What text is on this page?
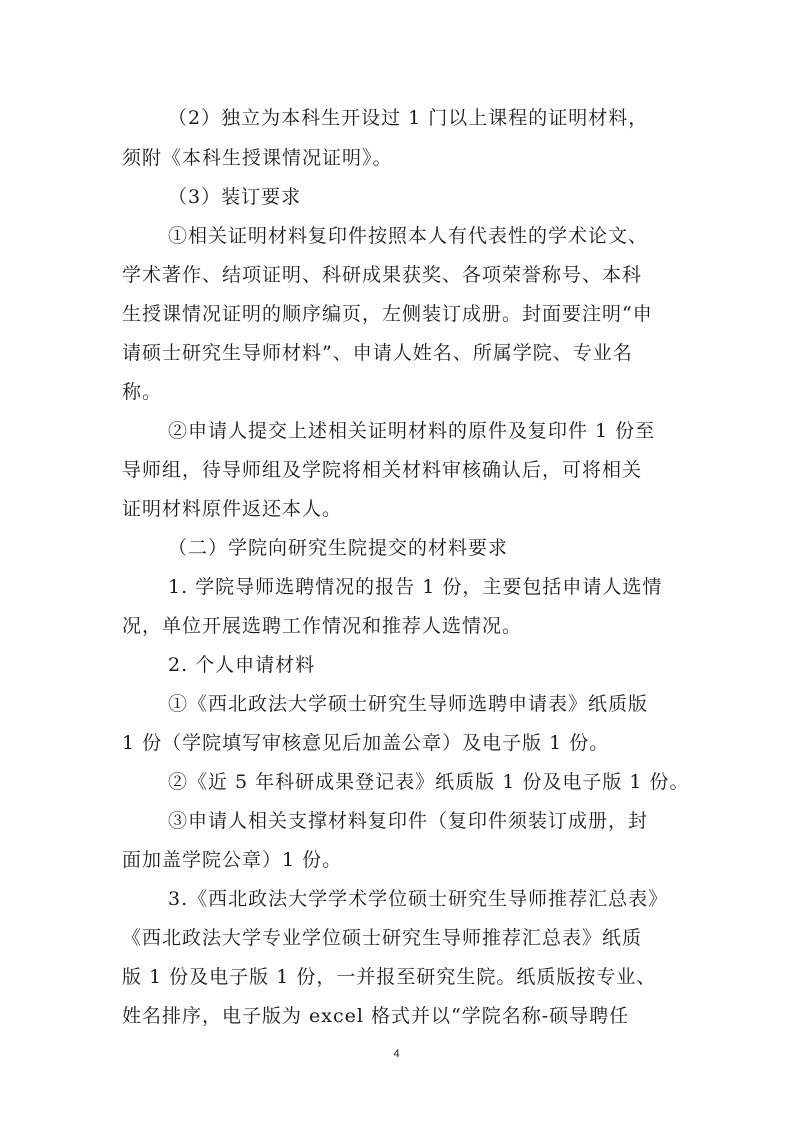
（2）独立为本科生开设过 1 门以上课程的证明材料，
须附《本科生授课情况证明》。
（3）装订要求
①相关证明材料复印件按照本人有代表性的学术论文、
学术著作、结项证明、科研成果获奖、各项荣誉称号、本科
生授课情况证明的顺序编页，左侧装订成册。封面要注明“申
请硕士研究生导师材料”、申请人姓名、所属学院、专业名
称。
②申请人提交上述相关证明材料的原件及复印件 1 份至
导师组，待导师组及学院将相关材料审核确认后，可将相关
证明材料原件返还本人。
（二）学院向研究生院提交的材料要求
1. 学院导师选聘情况的报告 1 份，主要包括申请人选情
况，单位开展选聘工作情况和推荐人选情况。
2. 个人申请材料
①《西北政法大学硕士研究生导师选聘申请表》纸质版
1 份（学院填写审核意见后加盖公章）及电子版 1 份。
②《近 5 年科研成果登记表》纸质版 1 份及电子版 1 份。
③申请人相关支撑材料复印件（复印件须装订成册，封
面加盖学院公章）1 份。
3.《西北政法大学学术学位硕士研究生导师推荐汇总表》
《西北政法大学专业学位硕士研究生导师推荐汇总表》纸质
版 1 份及电子版 1 份，一并报至研究生院。纸质版按专业、
姓名排序，电子版为 excel 格式并以“学院名称-硕导聘任
4
